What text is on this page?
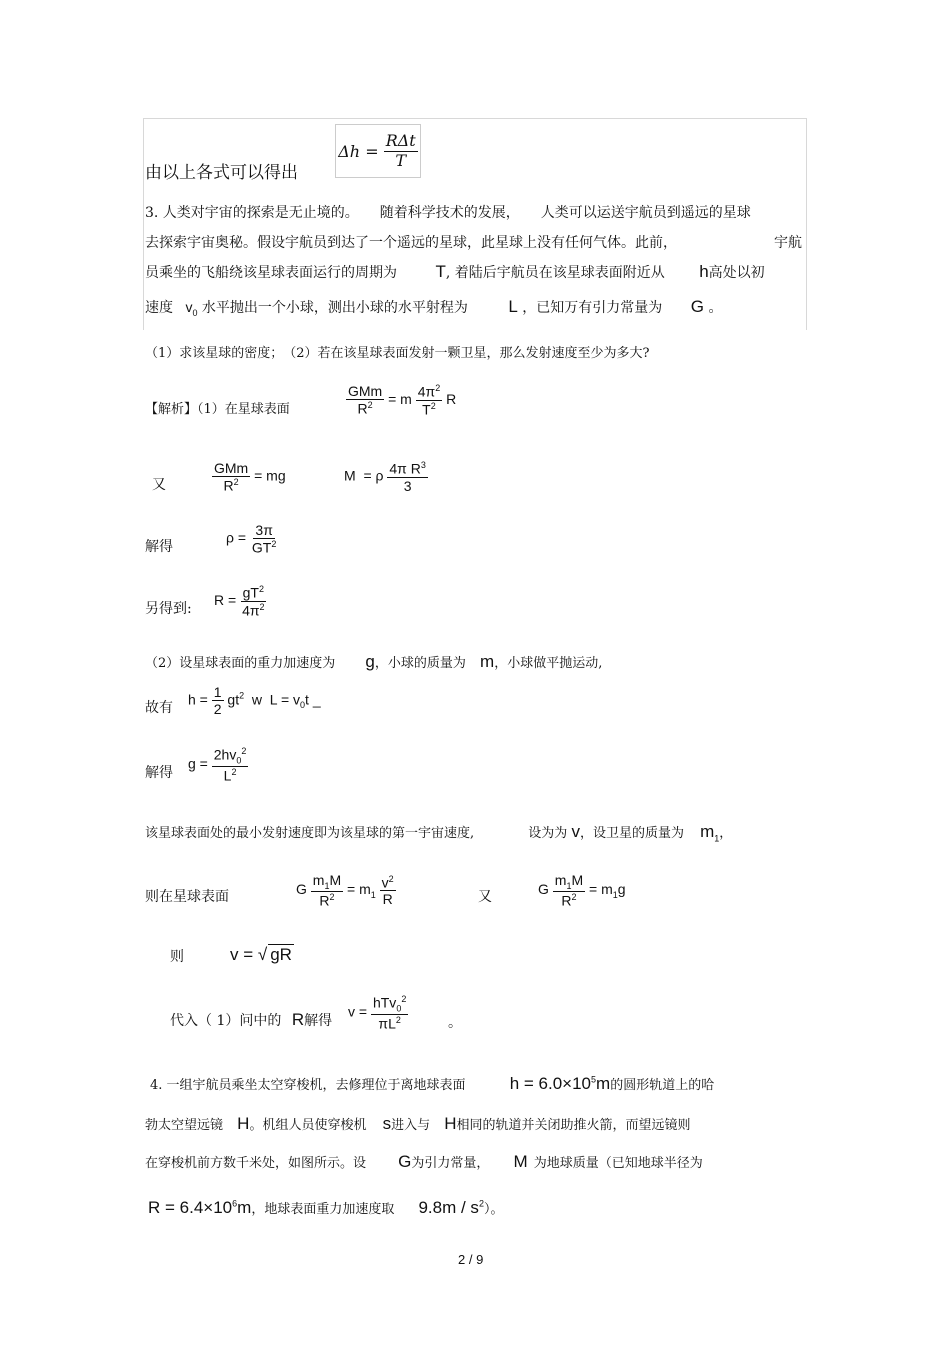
由以上各式可以得出
Δh =
$\frac{\text{RΔt}}{T}$
3. 人类对宇宙的探索是无止境的。　　随着科学技术的发展，　　人类可以运送宇航员到遥远的星球
去探索宇宙奥秘。假设宇航员到达了一个遥远的星球，此星球上没有任何气体。此前，	宇航
员乘坐的飞船绕该星球表面运行的周期为 T, 着陆后宇航员在该星球表面附近从 h高处以初
速度 $v_0$ 水平抛出一个小球，测出小球的水平射程为 L ，已知万有引力常量为 G 。
（1）求该星球的密度；　（2）若在该星球表面发射一颗卫星，那么发射速度至少为多大?
【解析】（1）在星球表面	$\frac{\text{GMm}}{R^2} = m \frac{4\pi^2}{T^2}$ R
又	$\frac{\text{GMm}}{R^2}$ = mg	M  = ρ $\frac{4\pi R^3}{3}$
解得
$\rho = \frac{3\pi}{GT^2}$
另得到:
$R = \frac{gT^2}{4\pi^2}$
（2）设星球表面的重力加速度为 g，小球的质量为 m，小球做平抛运动,
故有
$h = \frac{1}{2} gt^2$  w  $L = v_0t$ _
解得
$g = \frac{2hv_0^2}{L^2}$
该星球表面处的最小发射速度即为该星球的第一宇宙速度,	设为为 v，设卫星的质量为 $m_1$，
则在星球表面	G $\frac{m_1M}{R^2} = m_1 \frac{v^2}{R}$	又	G $\frac{m_1M}{R^2} = m_1g$
则	v = √ gR
代入（ 1）问中的 R解得
$v = \frac{hTv_0^2}{\pi L^2}$	。
4. 一组宇航员乘坐太空穿梭机，去修理位于离地球表面	$h = 6.0\times 10^5m$的圆形轨道上的哈
勃太空望远镜 H。机组人员使穿梭机 s进入与 H相同的轨道并关闭助推火箭，而望远镜则
在穿梭机前方数千米处，如图所示。设 G为引力常量， M 为地球质量（已知地球半径为
$R = 6.4\times 10^6m$，地球表面重力加速度取 $9.8m / s^2$）。
2 / 9
